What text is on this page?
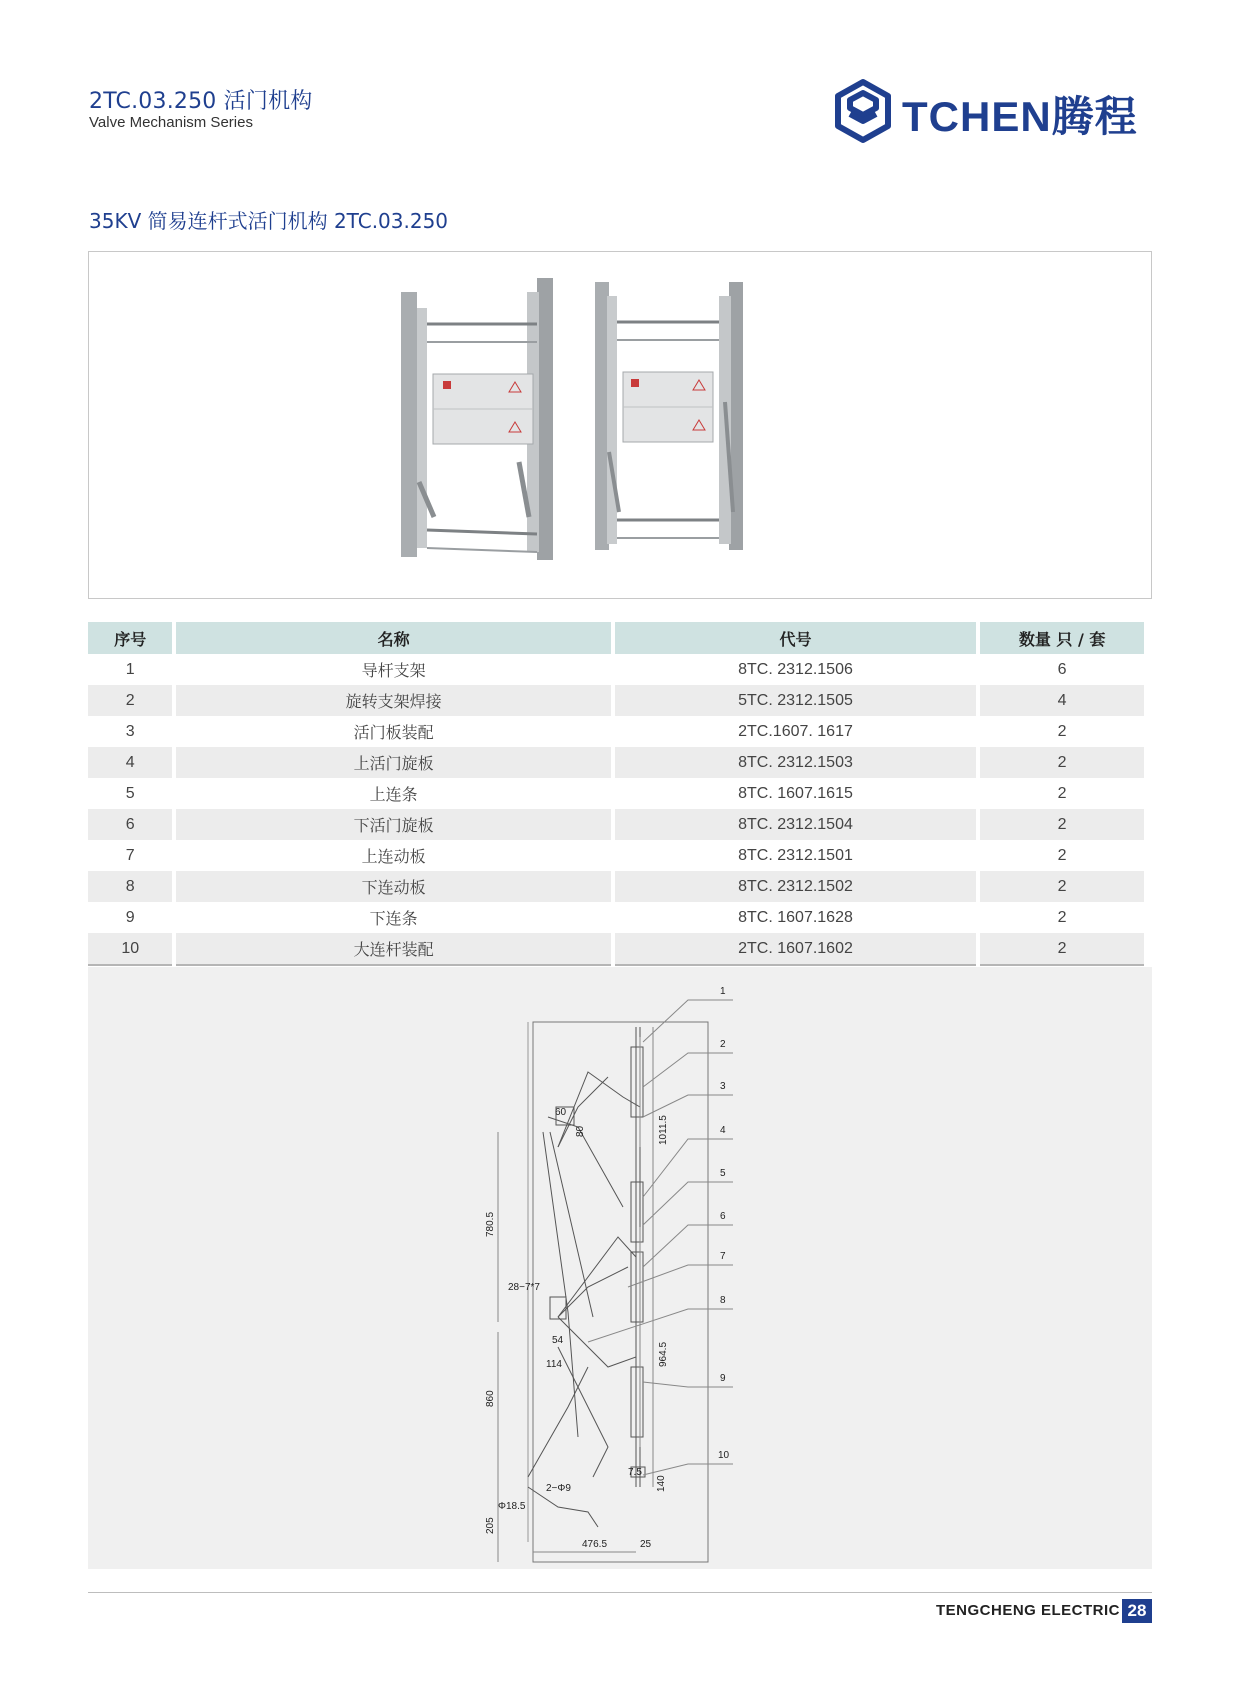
2TC.03.250 活门机构
Valve Mechanism Series	TCHEN腾程
35KV 简易连杆式活门机构 2TC.03.250
序号	名称	代号	数量 只 / 套
1	导杆支架	8TC. 2312.1506	6
2	旋转支架焊接	5TC. 2312.1505	4
3	活门板装配	2TC.1607. 1617	2
4	上活门旋板	8TC. 2312.1503	2
5	上连条	8TC. 1607.1615	2
6	下活门旋板	8TC. 2312.1504	2
7	上连动板	8TC. 2312.1501	2
8	下连动板	8TC. 2312.1502	2
9	下连条	8TC. 1607.1628	2
10	大连杆装配	2TC. 1607.1602	2
1
2
3
4
5
6
7
8
9
10
60
80	1011.5
780.5
28−7*7
54
114	964.5
860
7.5
140
2−Φ9
Φ18.5
205
476.5	25
TENGCHENG ELECTRIC 28
